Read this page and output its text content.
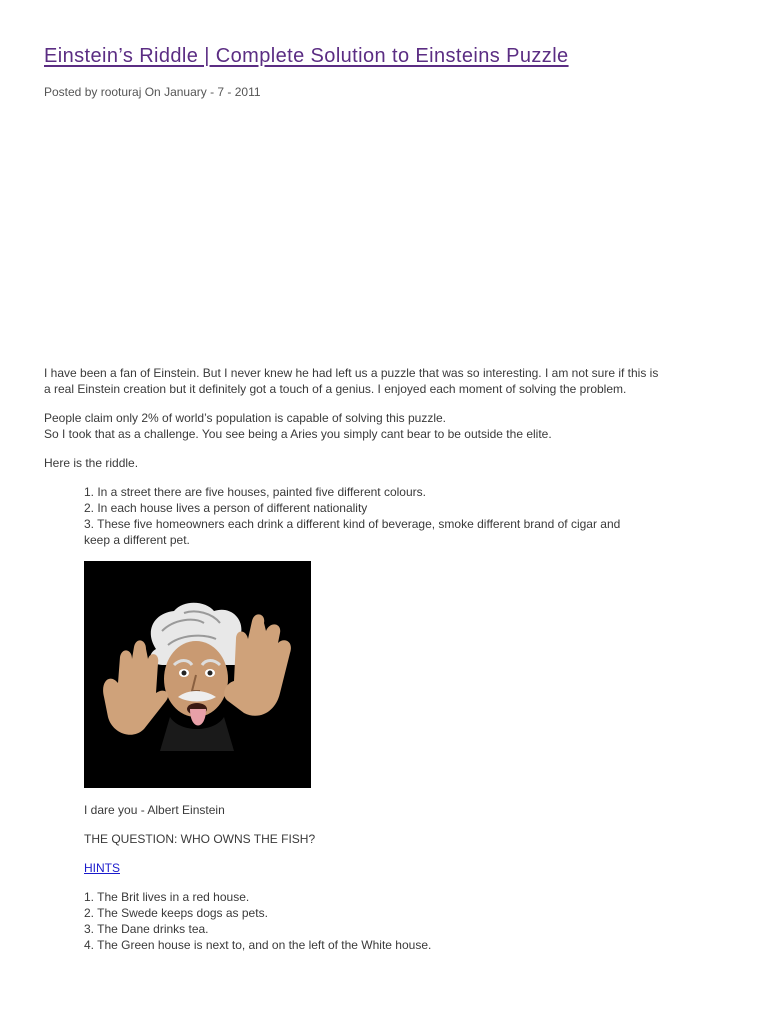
Einstein’s Riddle | Complete Solution to Einsteins Puzzle
Posted by rooturaj On January - 7 - 2011

I have been a fan of Einstein. But I never knew he had left us a puzzle that was so interesting. I am not sure if this is
a real Einstein creation but it definitely got a touch of a genius. I enjoyed each moment of solving the problem.

People claim only 2% of world’s population is capable of solving this puzzle.
So I took that as a challenge. You see being a Aries you simply cant bear to be outside the elite.

Here is the riddle.

1. In a street there are five houses, painted five different colours.
2. In each house lives a person of different nationality
3. These five homeowners each drink a different kind of beverage, smoke different brand of cigar and
keep a different pet.

I dare you - Albert Einstein

THE QUESTION: WHO OWNS THE FISH?

HINTS

1. The Brit lives in a red house.
2. The Swede keeps dogs as pets.
3. The Dane drinks tea.
4. The Green house is next to, and on the left of the White house.
